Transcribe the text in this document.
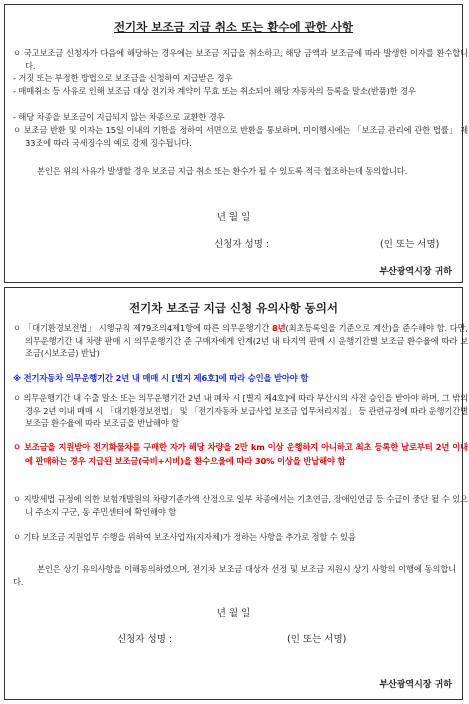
전기차 보조금 지급 취소 또는 환수에 관한 사항
ㅇ 국고보조금 신청자가 다음에 해당하는 경우에는 보조금 지급을 취소하고, 해당 금액과 보조금에 따라 발생한 이자를 환수합니다.
- 거짓 또는 부정한 방법으로 보조금을 신청하여 지급받은 경우
- 매매취소 등 사유로 인해 보조금 대상 전기차 계약이 무효 또는 취소되어 해당 자동차의 등록을 말소(반품)한 경우
- 해당 차종을 보조금이 지급되지 않는 차종으로 교환한 경우
ㅇ 보조금 반환 및 이자는 15일 이내의 기한을 정하여 서면으로 반환을 통보하며, 미이행시에는 「보조금 관리에 관한 법률」 제33조에 따라 국세징수의 예로 강제 징수됩니다.
본인은 위의 사유가 발생할 경우 보조금 지급 취소 또는 환수가 될 수 있도록 적극 협조하는데 동의합니다.
년 월 일
신청자 성명 :	(인 또는 서명)
부산광역시장 귀하
전기차 보조금 지급 신청 유의사항 동의서
ㅇ 「대기환경보전법」 시행규칙 제79조의4제1항에 따른 의무운행기간 8년(최초등록일을 기준으로 계산)을 준수해야 함. 다만, 의무운행기간 내 차량 판매 시 의무운행기간 준 구매자에게 인계(2년 내 타지역 판매 시 운행기간별 보조금 환수율에 따라 보조금(시보조금) 반납)
※ 전기자동차 의무운행기간 2년 내 매매 시 [별지 제6호]에 따라 승인을 받아야 함
ㅇ 의무운행기간 내 수출 말소 또는 의무운행기간 2년 내 폐차 시 [별지 제4호]에 따라 부산시의 사전 승인을 받아야 하며, 그 밖의 경우 2년 이내 매매 시 「대기환경보전법」 및 「전기자동차 보급사업 보조금 업무처리지침」 등 관련규정에 따라 운행기간별 보조금 환수율에 따라 보조금을 반납해야 함
ㅇ 보조금을 지원받아 전기화물차를 구매한 자가 해당 차량을 2만 km 이상 운행하지 아니하고 최초 등록한 날로부터 2년 이내에 판매하는 경우 지급된 보조금(국비+시비)을 환수으울에 따라 30% 이상을 반납해야 함
ㅇ 지방세법 규정에 의한 보험개발원의 차량기준가액 산정으로 일부 차종에서는 기초연금, 장애인연금 등 수급이 중단 될 수 있으니 주소지 구군, 동 주민센터에 확인해야 함
ㅇ 기타 보조금 지원업무 수행을 위하여 보조사업자(지자체)가 정하는 사항을 추가로 정할 수 있음
본인은 상기 유의사항을 이해동의하였으며, 전기차 보조금 대상자 선정 및 보조금 지원시 상기 사항의 이행에 동의합니다.
년 월 일
신청자 성명 :	(인 또는 서명)
부산광역시장 귀하
